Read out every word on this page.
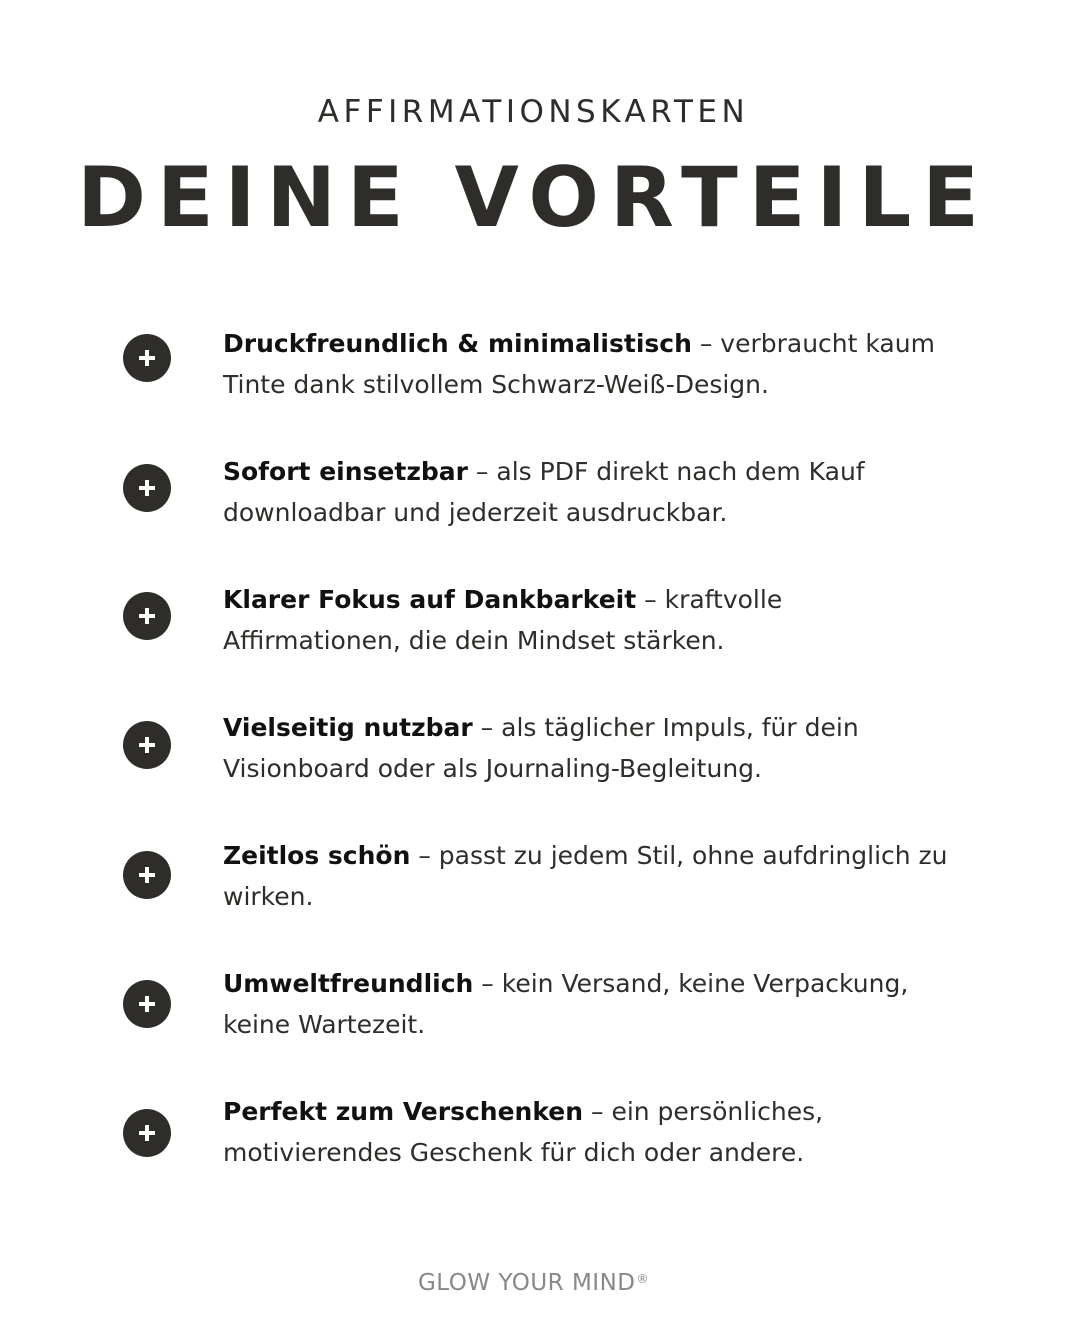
AFFIRMATIONSKARTEN
DEINE VORTEILE
Druckfreundlich & minimalistisch – verbraucht kaum Tinte dank stilvollem Schwarz-Weiß-Design.
Sofort einsetzbar – als PDF direkt nach dem Kauf downloadbar und jederzeit ausdruckbar.
Klarer Fokus auf Dankbarkeit – kraftvolle Affirmationen, die dein Mindset stärken.
Vielseitig nutzbar – als täglicher Impuls, für dein Visionboard oder als Journaling-Begleitung.
Zeitlos schön – passt zu jedem Stil, ohne aufdringlich zu wirken.
Umweltfreundlich – kein Versand, keine Verpackung, keine Wartezeit.
Perfekt zum Verschenken – ein persönliches, motivierendes Geschenk für dich oder andere.
GLOW YOUR MIND®
